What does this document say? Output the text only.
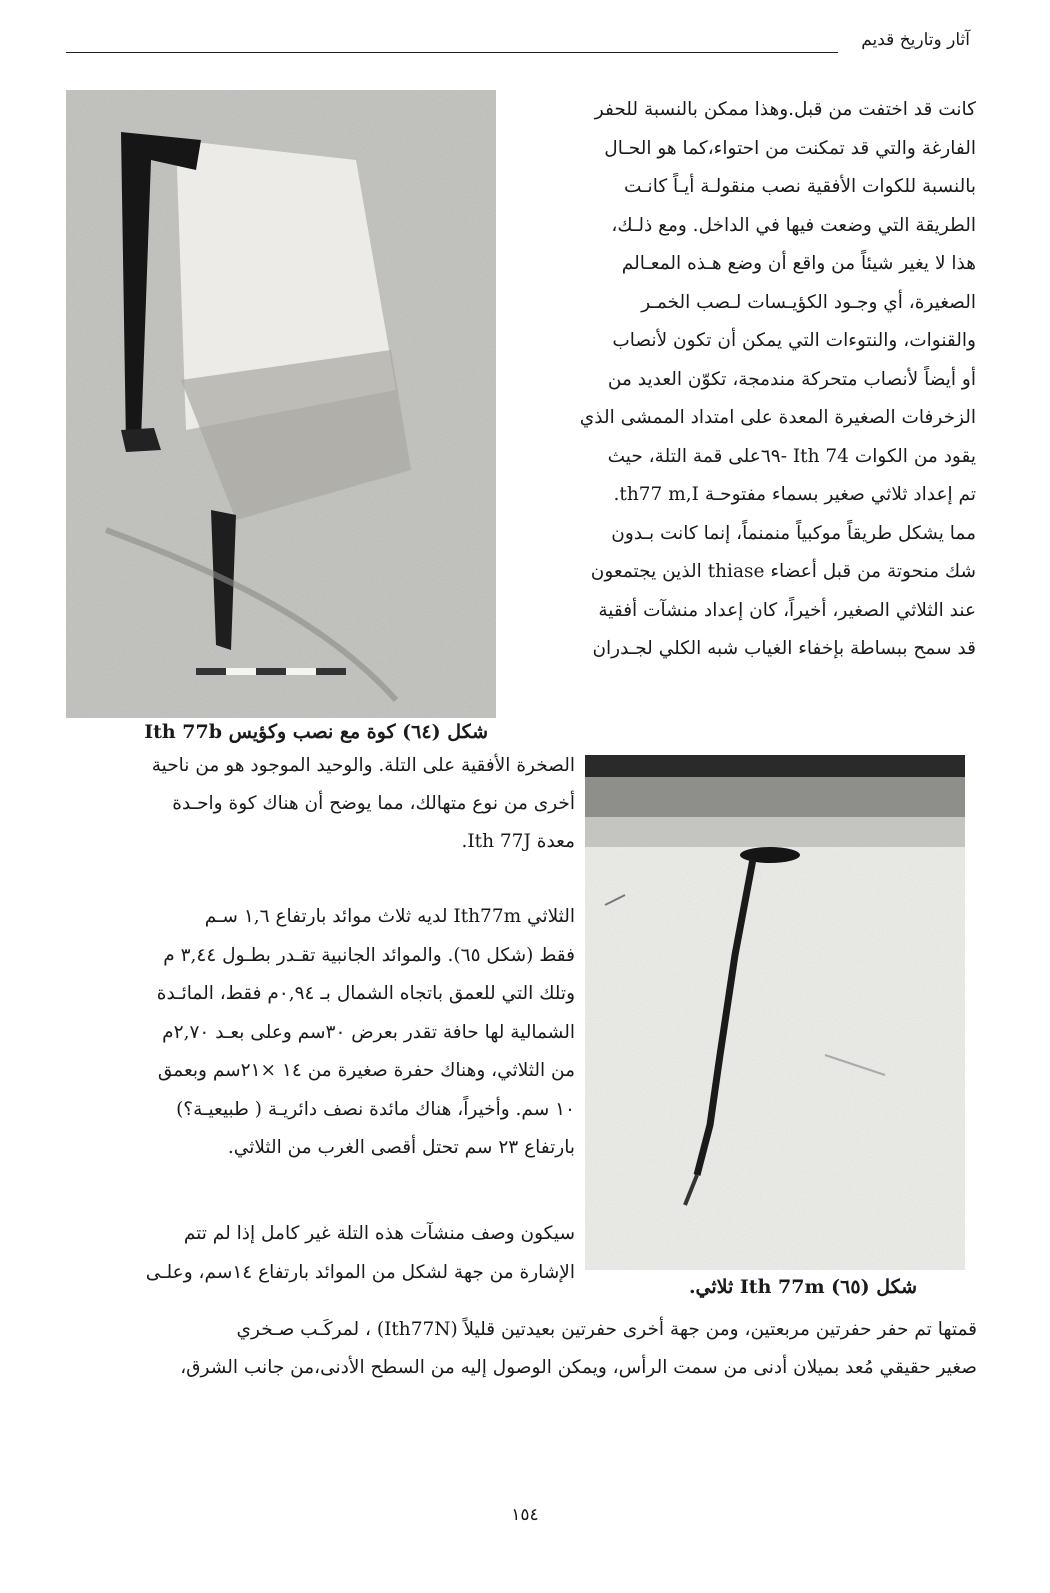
آثار وتاريخ قديم
شكل (٦٤) كوة مع نصب وكؤيس Ith 77b
شكل (٦٥) Ith 77m ثلاثي.

كانت قد اختفت من قبل.وهذا ممكن بالنسبة للحفر

الفارغة والتي قد تمكنت من احتواء،كما هو الحـال

بالنسبة للكوات الأفقية نصب منقولـة أيـاً كانـت

الطريقة التي وضعت فيها في الداخل. ومع ذلـك،

هذا لا يغير شيئاً من واقع أن وضع هـذه المعـالم

الصغيرة، أي وجـود الكؤيـسات لـصب الخمـر

والقنوات، والنتوءات التي يمكن أن تكون لأنصاب

أو أيضاً لأنصاب متحركة مندمجة، تكوّن العديد من

الزخرفات الصغيرة المعدة على امتداد الممشى الذي

يقود من الكوات Ith 74 -٦٩على قمة التلة، حيث

تم إعداد ثلاثي صغير بسماء مفتوحـة th77 m,I.

مما يشكل طريقاً موكبياً منمنماً، إنما كانت بـدون

شك منحوتة من قبل أعضاء thiase الذين يجتمعون

عند الثلاثي الصغير، أخيراً، كان إعداد منشآت أفقية

قد سمح ببساطة بإخفاء الغياب شبه الكلي لجـدران

الصخرة الأفقية على التلة. والوحيد الموجود هو من ناحية

أخرى من نوع متهالك، مما يوضح أن هناك كوة واحـدة

معدة Ith 77J.

الثلاثي Ith77m لديه ثلاث موائد بارتفاع ١,٦ سـم

فقط (شكل ٦٥). والموائد الجانبية تقـدر بطـول ٣,٤٤ م

وتلك التي للعمق باتجاه الشمال بـ ٠,٩٤م فقط، المائـدة

الشمالية لها حافة تقدر بعرض ٣٠سم وعلى بعـد ٢,٧٠م

من الثلاثي، وهناك حفرة صغيرة من ١٤ ×٢١سم وبعمق

١٠ سم. وأخيراً، هناك مائدة نصف دائريـة ( طبيعيـة؟)

بارتفاع ٢٣ سم تحتل أقصى الغرب من الثلاثي.

سيكون وصف منشآت هذه التلة غير كامل إذا لم تتم

الإشارة من جهة لشكل من الموائد بارتفاع ١٤سم، وعلـى

قمتها تم حفر حفرتين مربعتين، ومن جهة أخرى حفرتين بعيدتين قليلاً (Ith77N) ، لمركَـب صـخري

صغير حقيقي مُعد بميلان أدنى من سمت الرأس، ويمكن الوصول إليه من السطح الأدنى،من جانب الشرق،

١٥٤
